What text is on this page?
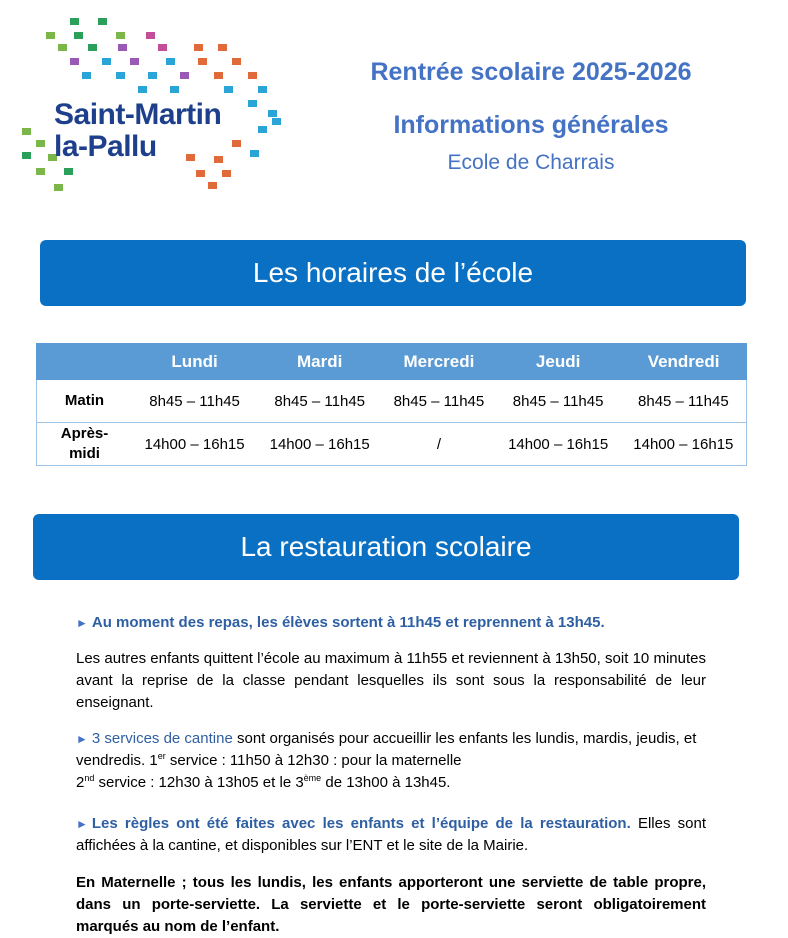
Saint-Martin
la-Pallu
Rentrée scolaire 2025-2026
Informations générales
Ecole de Charrais
Les horaires de l’école
	Lundi	Mardi	Mercredi	Jeudi	Vendredi
Matin	8h45 – 11h45	8h45 – 11h45	8h45 – 11h45	8h45 – 11h45	8h45 – 11h45
Après-
midi	14h00 – 16h15	14h00 – 16h15	/	14h00 – 16h15	14h00 – 16h15
La restauration scolaire
► Au moment des repas, les élèves sortent à 11h45 et reprennent à 13h45.
Les autres enfants quittent l’école au maximum à 11h55 et reviennent à 13h50, soit 10 minutes avant la reprise de la classe pendant lesquelles ils sont sous la responsabilité de leur enseignant.
► 3 services de cantine sont organisés pour accueillir les enfants les lundis, mardis, jeudis, et vendredis. 1er service : 11h50 à 12h30 : pour la maternelle
2nd service : 12h30 à 13h05 et le 3ème de 13h00 à 13h45.
► Les règles ont été faites avec les enfants et l’équipe de la restauration. Elles sont affichées à la cantine, et disponibles sur l’ENT et le site de la Mairie.
En Maternelle ; tous les lundis, les enfants apporteront une serviette de table propre, dans un porte-serviette. La serviette et le porte-serviette seront obligatoirement marqués au nom de l’enfant.
